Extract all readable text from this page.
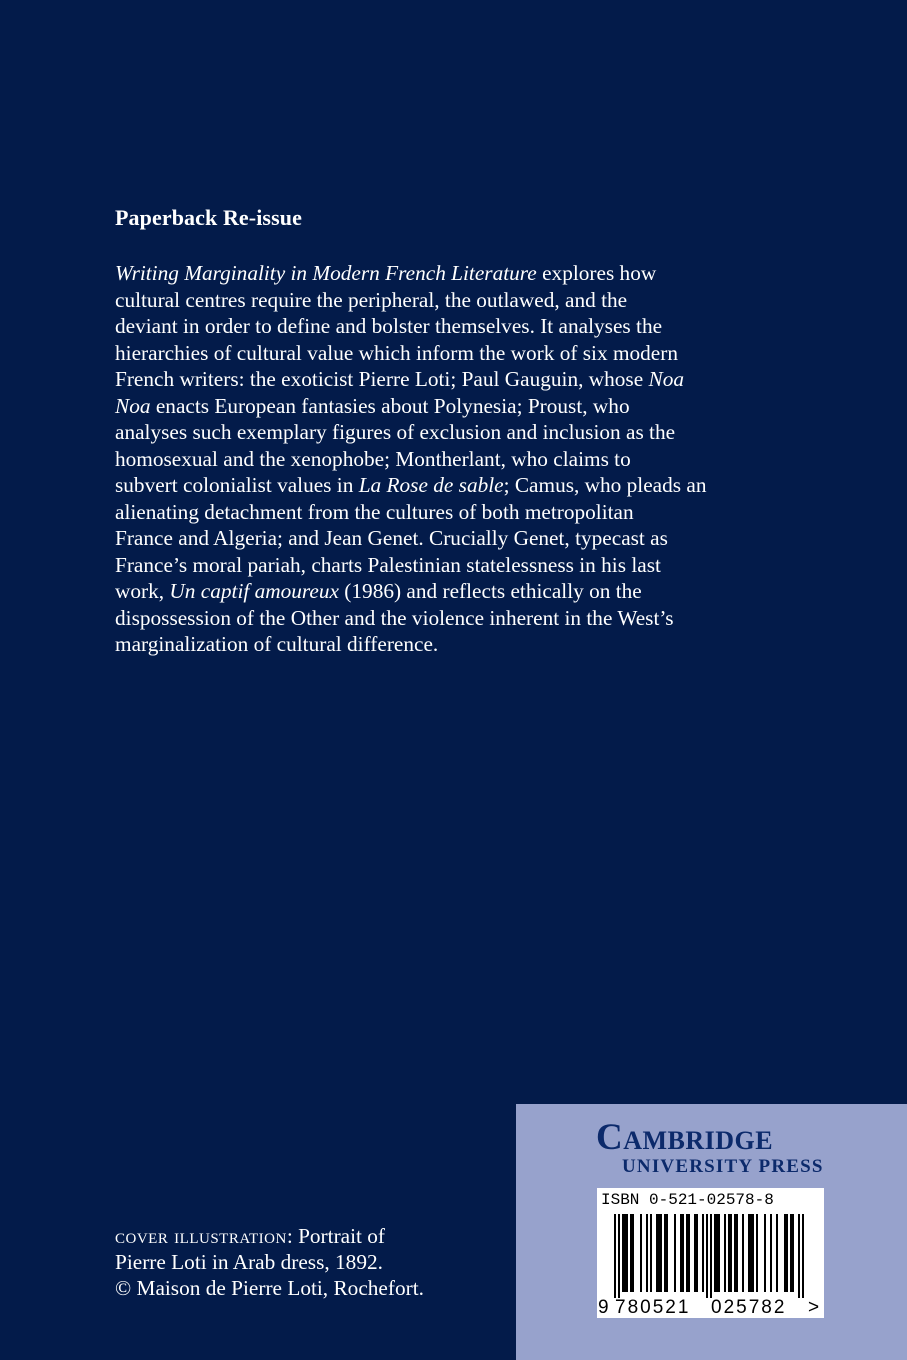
Paperback Re-issue
Writing Marginality in Modern French Literature explores how
cultural centres require the peripheral, the outlawed, and the
deviant in order to define and bolster themselves. It analyses the
hierarchies of cultural value which inform the work of six modern
French writers: the exoticist Pierre Loti; Paul Gauguin, whose Noa
Noa enacts European fantasies about Polynesia; Proust, who
analyses such exemplary figures of exclusion and inclusion as the
homosexual and the xenophobe; Montherlant, who claims to
subvert colonialist values in La Rose de sable; Camus, who pleads an
alienating detachment from the cultures of both metropolitan
France and Algeria; and Jean Genet. Crucially Genet, typecast as
France’s moral pariah, charts Palestinian statelessness in his last
work, Un captif amoureux (1986) and reflects ethically on the
dispossession of the Other and the violence inherent in the West’s
marginalization of cultural difference.
cover illustration: Portrait of
Pierre Loti in Arab dress, 1892.
© Maison de Pierre Loti, Rochefort.
Cambridge
UNIVERSITY PRESS
ISBN 0-521-02578-8
9 780521 025782 >
